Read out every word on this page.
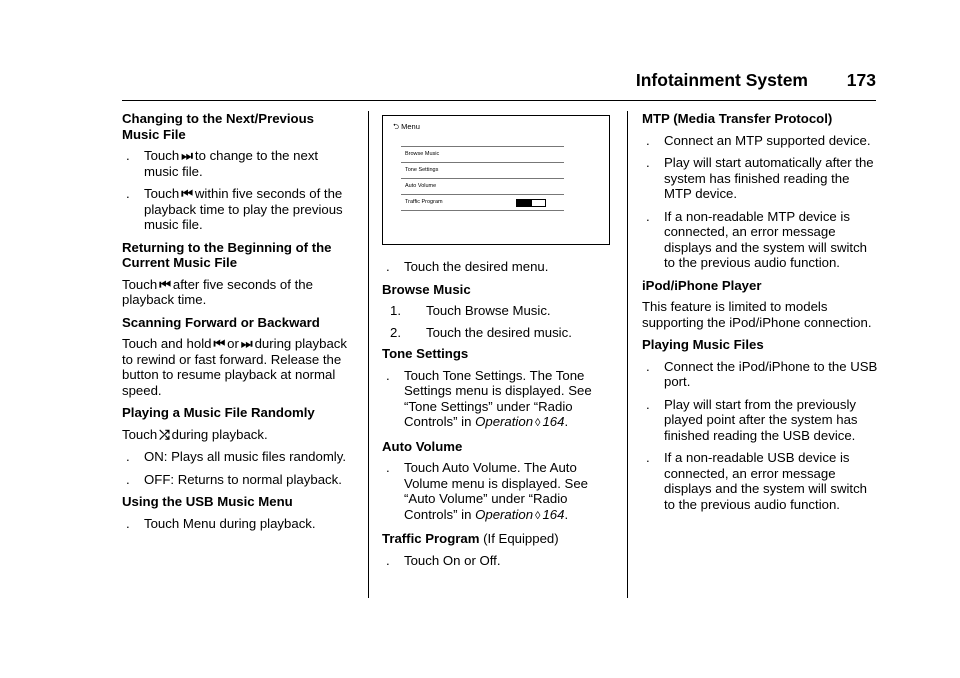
Infotainment System 173
Changing to the Next/Previous Music File
. Touch ⏭ to change to the next music file.
. Touch ⏮ within five seconds of the playback time to play the previous music file.
Returning to the Beginning of the Current Music File
Touch ⏮ after five seconds of the playback time.
Scanning Forward or Backward
Touch and hold ⏮ or ⏭ during playback to rewind or fast forward. Release the button to resume playback at normal speed.
Playing a Music File Randomly
Touch ⤮ during playback.
. ON: Plays all music files randomly.
. OFF: Returns to normal playback.
Using the USB Music Menu
. Touch Menu during playback.
⮌ Menu
Browse Music
Tone Settings
Auto Volume
Traffic Program
. Touch the desired menu.
Browse Music
1. Touch Browse Music.
2. Touch the desired music.
Tone Settings
. Touch Tone Settings. The Tone Settings menu is displayed. See “Tone Settings” under “Radio Controls” in Operation ◊ 164.
Auto Volume
. Touch Auto Volume. The Auto Volume menu is displayed. See “Auto Volume” under “Radio Controls” in Operation ◊ 164.
Traffic Program (If Equipped)
. Touch On or Off.
MTP (Media Transfer Protocol)
. Connect an MTP supported device.
. Play will start automatically after the system has finished reading the MTP device.
. If a non-readable MTP device is connected, an error message displays and the system will switch to the previous audio function.
iPod/iPhone Player
This feature is limited to models supporting the iPod/iPhone connection.
Playing Music Files
. Connect the iPod/iPhone to the USB port.
. Play will start from the previously played point after the system has finished reading the USB device.
. If a non-readable USB device is connected, an error message displays and the system will switch to the previous audio function.
